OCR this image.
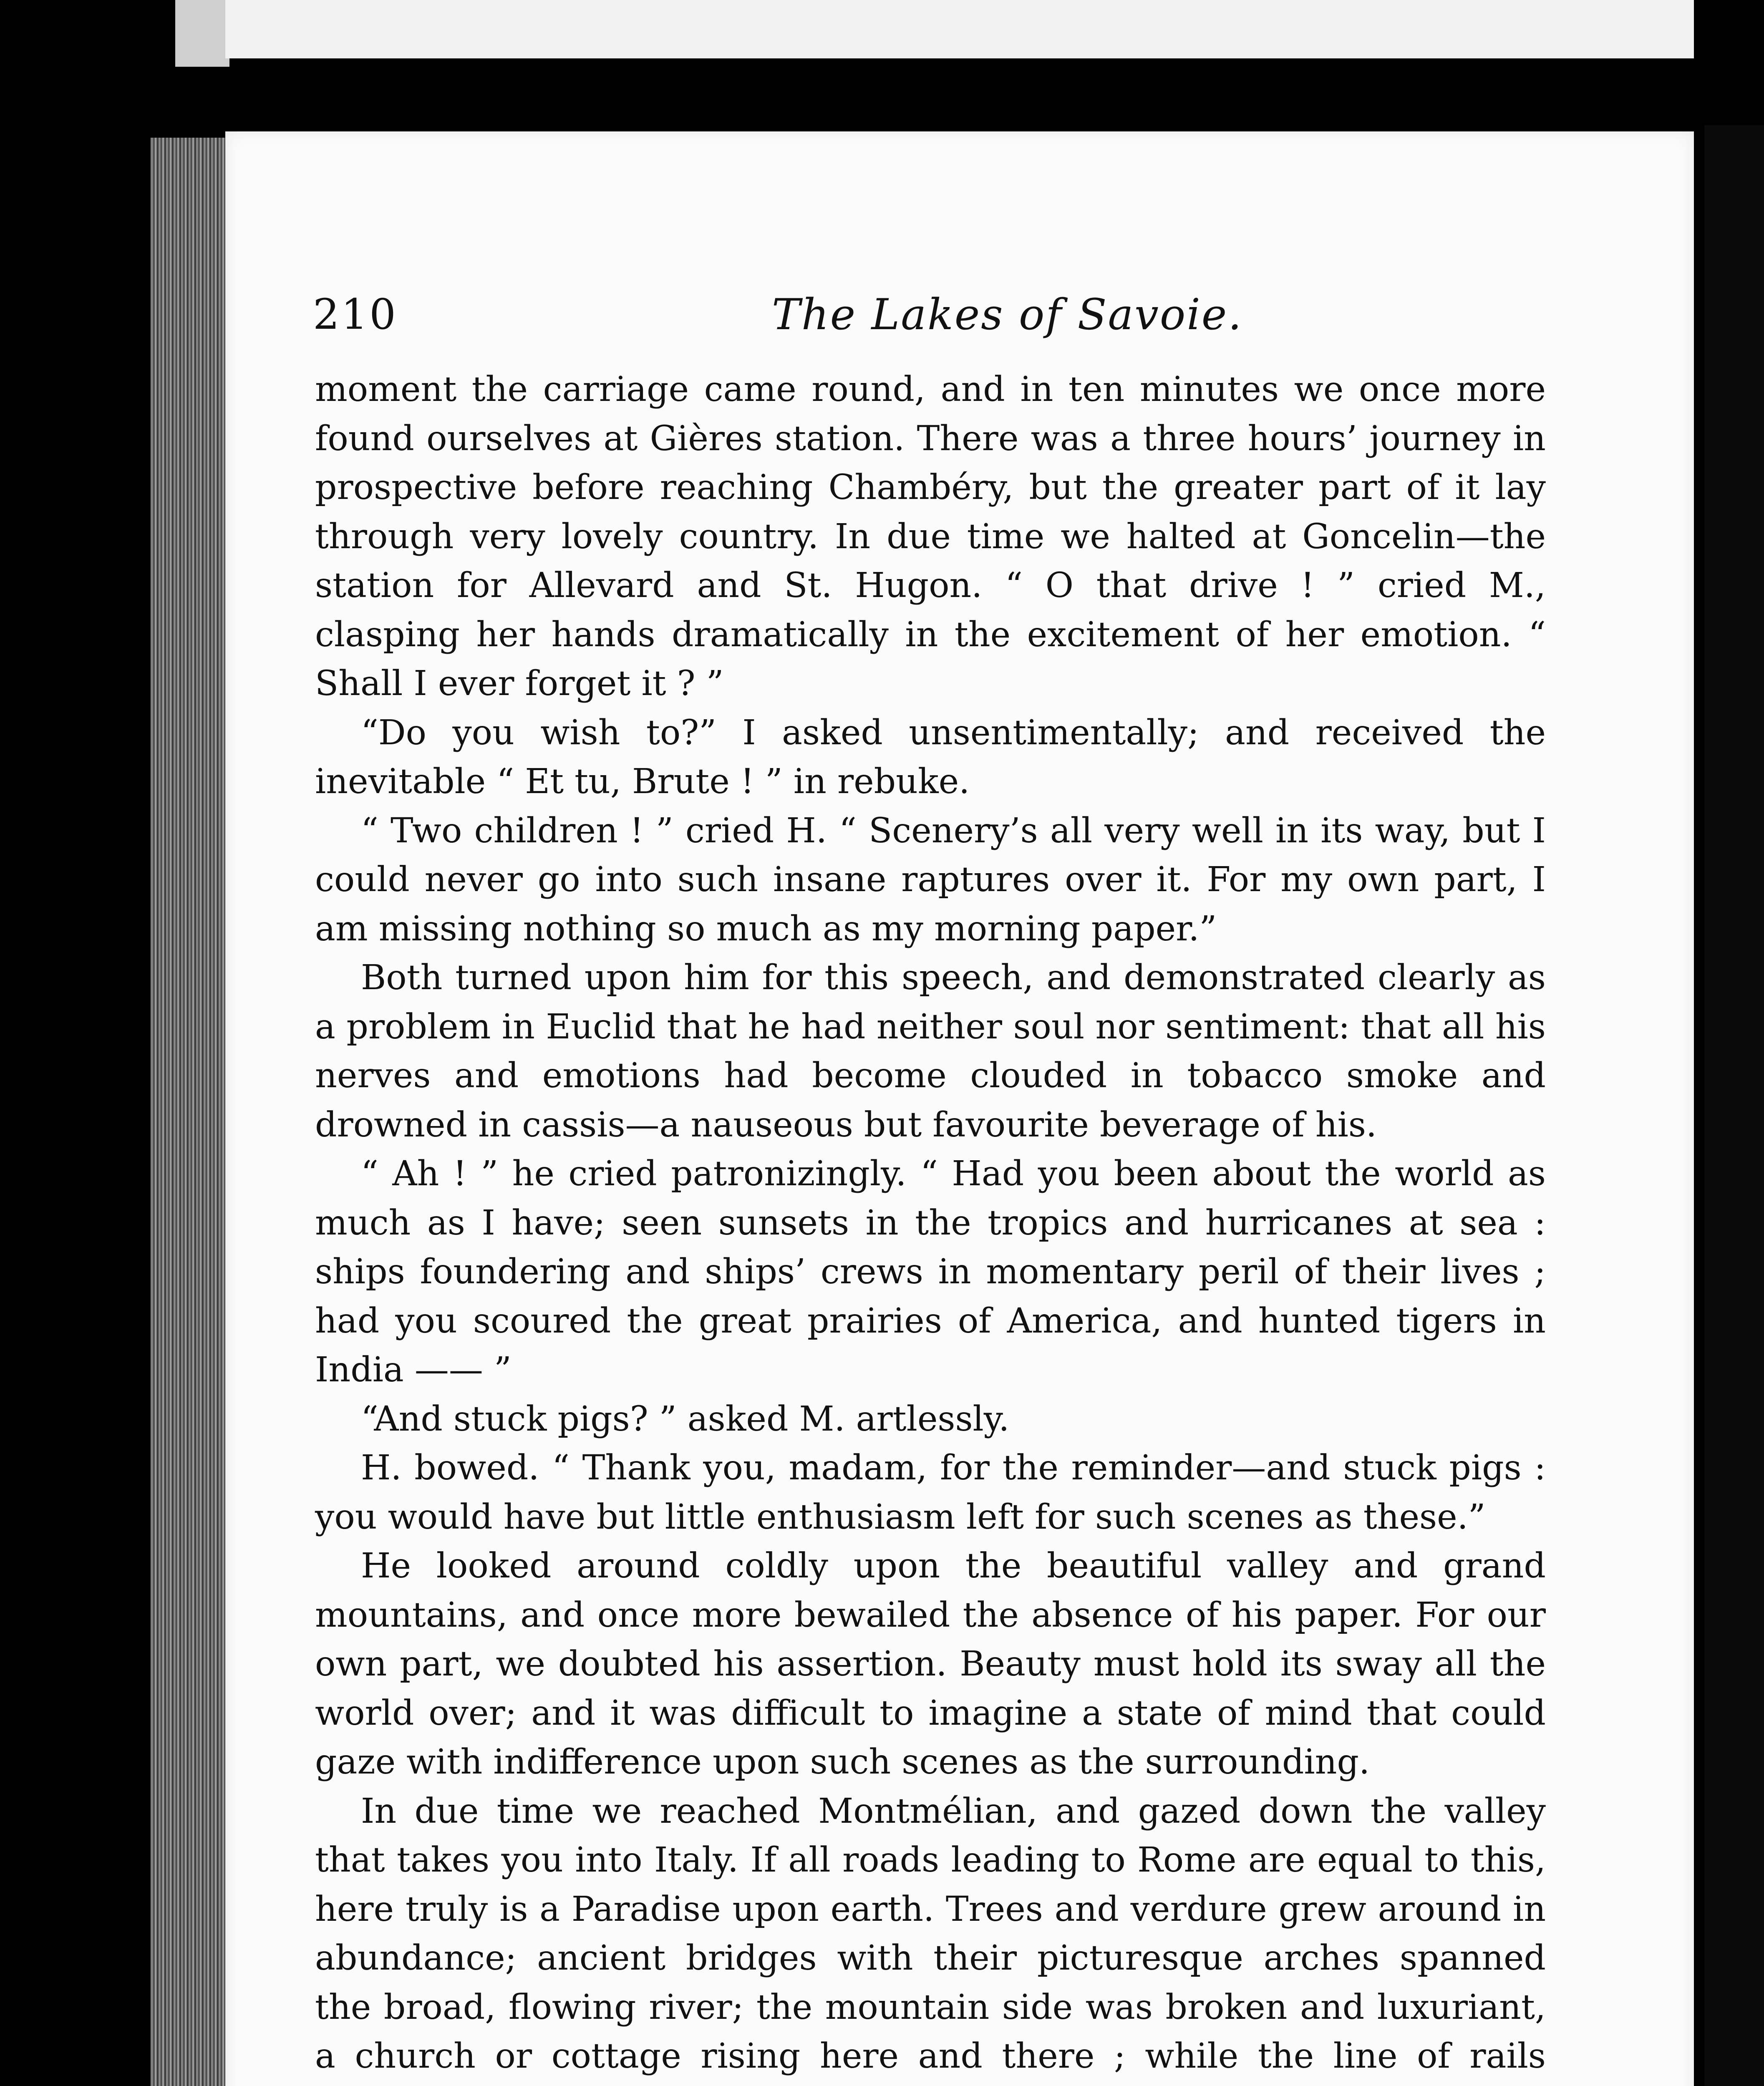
210	The Lakes of Savoie.

moment the carriage came round, and in ten minutes we once more found ourselves at Gières station. There was a three hours’ journey in prospective before reaching Chambéry, but the greater part of it lay through very lovely country. In due time we halted at Goncelin—the station for Allevard and St. Hugon. “ O that drive ! ” cried M., clasping her hands dramatically in the excitement of her emotion. “ Shall I ever forget it ? ”

“Do you wish to?” I asked unsentimentally; and received the inevitable “ Et tu, Brute ! ” in rebuke.

“ Two children ! ” cried H. “ Scenery’s all very well in its way, but I could never go into such insane raptures over it. For my own part, I am missing nothing so much as my morning paper.”

Both turned upon him for this speech, and demonstrated clearly as a problem in Euclid that he had neither soul nor sentiment: that all his nerves and emotions had become clouded in tobacco smoke and drowned in cassis—a nauseous but favourite beverage of his.

“ Ah ! ” he cried patronizingly. “ Had you been about the world as much as I have; seen sunsets in the tropics and hurricanes at sea : ships foundering and ships’ crews in momentary peril of their lives ; had you scoured the great prairies of America, and hunted tigers in India —— ”

“And stuck pigs? ” asked M. artlessly.

H. bowed. “ Thank you, madam, for the reminder—and stuck pigs : you would have but little enthusiasm left for such scenes as these.”

He looked around coldly upon the beautiful valley and grand mountains, and once more bewailed the absence of his paper. For our own part, we doubted his assertion. Beauty must hold its sway all the world over; and it was difficult to imagine a state of mind that could gaze with indifference upon such scenes as the surrounding.

In due time we reached Montmélian, and gazed down the valley that takes you into Italy. If all roads leading to Rome are equal to this, here truly is a Paradise upon earth. Trees and verdure grew around in abundance; ancient bridges with their picturesque arches spanned the broad, flowing river; the mountain side was broken and luxuriant, a church or cottage rising here and there ; while the line of rails
